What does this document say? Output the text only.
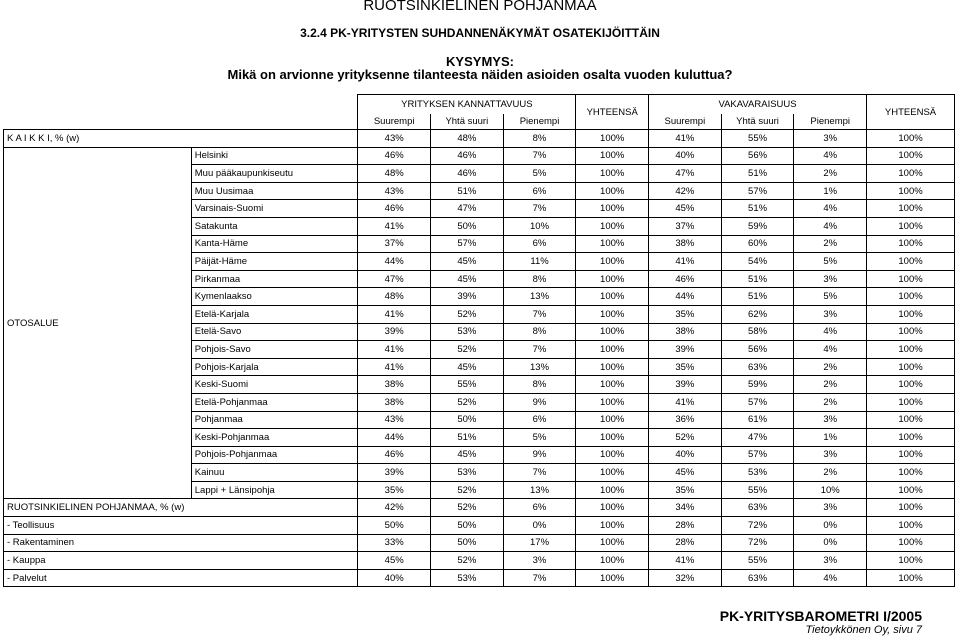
RUOTSINKIELINEN POHJANMAA
3.2.4 PK-YRITYSTEN SUHDANNENÄKYMÄT OSATEKIJÖITTÄIN
KYSYMYS:
Mikä on arvionne yrityksenne tilanteesta näiden asioiden osalta vuoden kuluttua?
		YRITYKSEN KANNATTAVUUS			YHTEENSÄ	VAKAVARAISUUS			YHTEENSÄ
		Suurempi	Yhtä suuri	Pienempi		Suurempi	Yhtä suuri	Pienempi	
K A I K K I, % (w)		43%	48%	8%	100%	41%	55%	3%	100%
OTOSALUE	Helsinki	46%	46%	7%	100%	40%	56%	4%	100%
	Muu pääkaupunkiseutu	48%	46%	5%	100%	47%	51%	2%	100%
	Muu Uusimaa	43%	51%	6%	100%	42%	57%	1%	100%
	Varsinais-Suomi	46%	47%	7%	100%	45%	51%	4%	100%
	Satakunta	41%	50%	10%	100%	37%	59%	4%	100%
	Kanta-Häme	37%	57%	6%	100%	38%	60%	2%	100%
	Päijät-Häme	44%	45%	11%	100%	41%	54%	5%	100%
	Pirkanmaa	47%	45%	8%	100%	46%	51%	3%	100%
	Kymenlaakso	48%	39%	13%	100%	44%	51%	5%	100%
	Etelä-Karjala	41%	52%	7%	100%	35%	62%	3%	100%
	Etelä-Savo	39%	53%	8%	100%	38%	58%	4%	100%
	Pohjois-Savo	41%	52%	7%	100%	39%	56%	4%	100%
	Pohjois-Karjala	41%	45%	13%	100%	35%	63%	2%	100%
	Keski-Suomi	38%	55%	8%	100%	39%	59%	2%	100%
	Etelä-Pohjanmaa	38%	52%	9%	100%	41%	57%	2%	100%
	Pohjanmaa	43%	50%	6%	100%	36%	61%	3%	100%
	Keski-Pohjanmaa	44%	51%	5%	100%	52%	47%	1%	100%
	Pohjois-Pohjanmaa	46%	45%	9%	100%	40%	57%	3%	100%
	Kainuu	39%	53%	7%	100%	45%	53%	2%	100%
	Lappi + Länsipohja	35%	52%	13%	100%	35%	55%	10%	100%
RUOTSINKIELINEN POHJANMAA, % (w)		42%	52%	6%	100%	34%	63%	3%	100%
- Teollisuus		50%	50%	0%	100%	28%	72%	0%	100%
- Rakentaminen		33%	50%	17%	100%	28%	72%	0%	100%
- Kauppa		45%	52%	3%	100%	41%	55%	3%	100%
- Palvelut		40%	53%	7%	100%	32%	63%	4%	100%
PK-YRITYSBAROMETRI I/2005
Tietoykkönen Oy, sivu 7
